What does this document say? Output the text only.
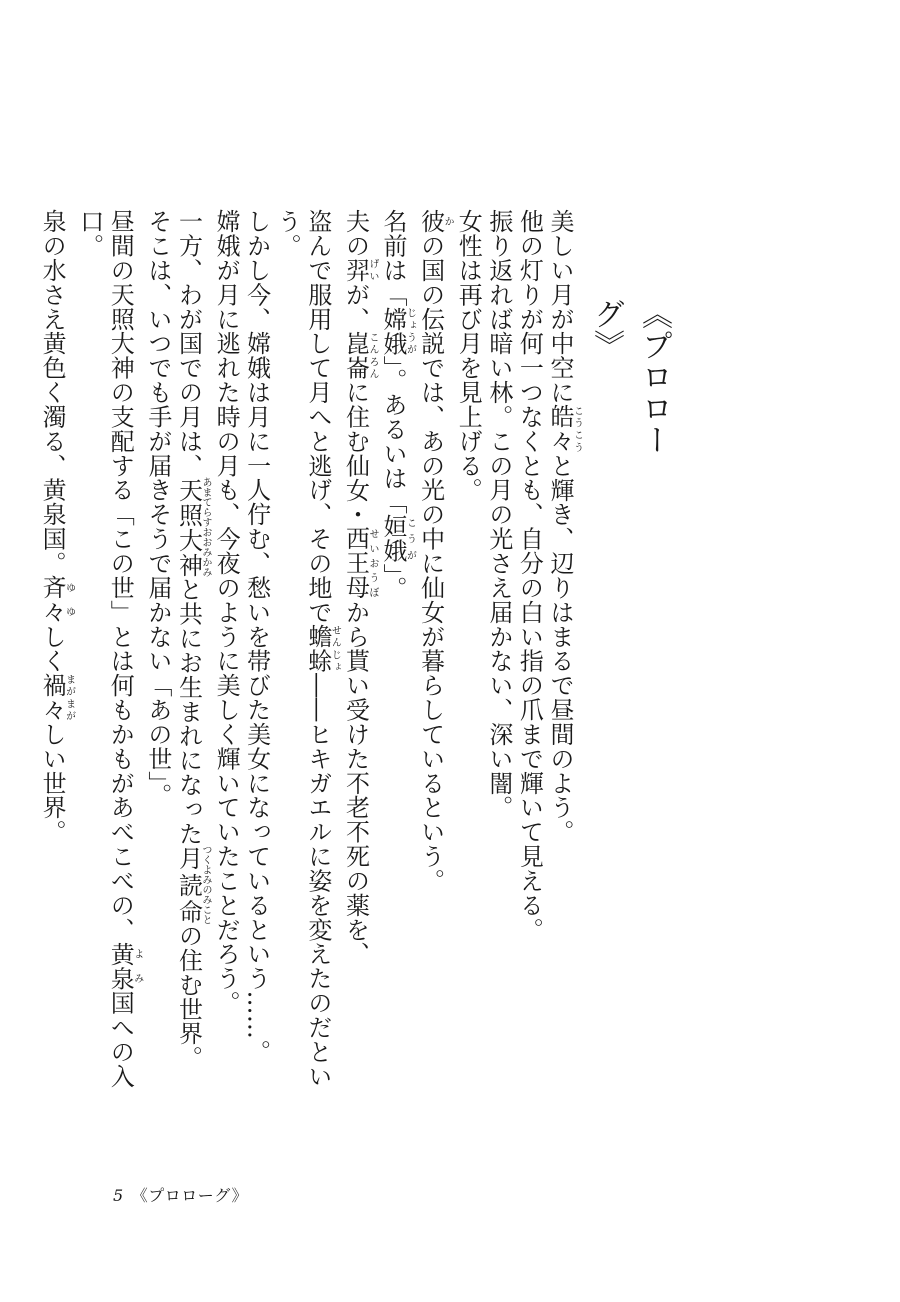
《プロローグ》

美しい月が中空に皓々こうこうと輝き、辺りはまるで昼間のよう。

他の灯りが何一つなくとも、自分の白い指の爪まで輝いて見える。

振り返れば暗い林。この月の光さえ届かない、深い闇。

女性は再び月を見上げる。

彼かの国の伝説では、あの光の中に仙女が暮らしているという。

名前は「嫦娥じょうが」。あるいは「姮娥こうが」。

夫の羿げいが、崑崙こんろんに住む仙女・西王母せいおうぼから貰い受けた不老不死の薬を、

盗んで服用して月へと逃げ、その地で蟾蜍せんじょ――ヒキガエルに姿を変えたのだという。

しかし今、嫦娥は月に一人佇む、愁いを帯びた美女になっているという……。

嫦娥が月に逃れた時の月も、今夜のように美しく輝いていたことだろう。

一方、わが国での月は、天照大神あまてらすおおみかみと共にお生まれになった月読命つくよみのみことの住む世界。

そこは、いつでも手が届きそうで届かない「あの世」。

昼間の天照大神の支配する「この世」とは何もかもがあべこべの、黄泉よみ国への入口。

泉の水さえ黄色く濁る、黄泉国。斉々ゆゆしく禍々まがまがしい世界。

5 《プロローグ》
